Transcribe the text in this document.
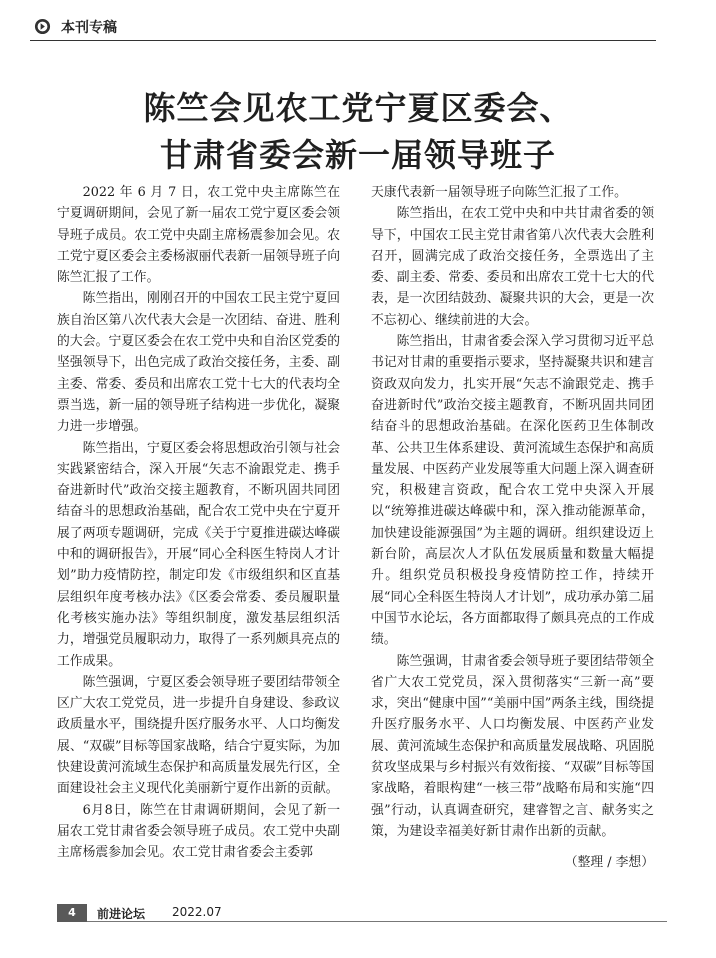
本刊专稿
陈竺会见农工党宁夏区委会、
甘肃省委会新一届领导班子

2022 年 6 月 7 日，农工党中央主席陈竺在宁夏调研期间，会见了新一届农工党宁夏区委会领导班子成员。农工党中央副主席杨震参加会见。农工党宁夏区委会主委杨淑丽代表新一届领导班子向陈竺汇报了工作。

陈竺指出，刚刚召开的中国农工民主党宁夏回族自治区第八次代表大会是一次团结、奋进、胜利的大会。宁夏区委会在农工党中央和自治区党委的坚强领导下，出色完成了政治交接任务，主委、副主委、常委、委员和出席农工党十七大的代表均全票当选，新一届的领导班子结构进一步优化，凝聚力进一步增强。

陈竺指出，宁夏区委会将思想政治引领与社会实践紧密结合，深入开展“矢志不渝跟党走、携手奋进新时代”政治交接主题教育，不断巩固共同团结奋斗的思想政治基础，配合农工党中央在宁夏开展了两项专题调研，完成《关于宁夏推进碳达峰碳中和的调研报告》，开展“同心全科医生特岗人才计划”助力疫情防控，制定印发《市级组织和区直基层组织年度考核办法》《区委会常委、委员履职量化考核实施办法》等组织制度，激发基层组织活力，增强党员履职动力，取得了一系列颇具亮点的工作成果。

陈竺强调，宁夏区委会领导班子要团结带领全区广大农工党党员，进一步提升自身建设、参政议政质量水平，围绕提升医疗服务水平、人口均衡发展、“双碳”目标等国家战略，结合宁夏实际，为加快建设黄河流域生态保护和高质量发展先行区，全面建设社会主义现代化美丽新宁夏作出新的贡献。

6月8日，陈竺在甘肃调研期间，会见了新一届农工党甘肃省委会领导班子成员。农工党中央副主席杨震参加会见。农工党甘肃省委会主委郭

天康代表新一届领导班子向陈竺汇报了工作。

陈竺指出，在农工党中央和中共甘肃省委的领导下，中国农工民主党甘肃省第八次代表大会胜利召开，圆满完成了政治交接任务，全票选出了主委、副主委、常委、委员和出席农工党十七大的代表，是一次团结鼓劲、凝聚共识的大会，更是一次不忘初心、继续前进的大会。

陈竺指出，甘肃省委会深入学习贯彻习近平总书记对甘肃的重要指示要求，坚持凝聚共识和建言资政双向发力，扎实开展“矢志不渝跟党走、携手奋进新时代”政治交接主题教育，不断巩固共同团结奋斗的思想政治基础。在深化医药卫生体制改革、公共卫生体系建设、黄河流域生态保护和高质量发展、中医药产业发展等重大问题上深入调查研究，积极建言资政，配合农工党中央深入开展以“统筹推进碳达峰碳中和，深入推动能源革命，加快建设能源强国”为主题的调研。组织建设迈上新台阶，高层次人才队伍发展质量和数量大幅提升。组织党员积极投身疫情防控工作，持续开展“同心全科医生特岗人才计划”，成功承办第二届中国节水论坛，各方面都取得了颇具亮点的工作成绩。

陈竺强调，甘肃省委会领导班子要团结带领全省广大农工党党员，深入贯彻落实“三新一高”要求，突出“健康中国”“美丽中国”两条主线，围绕提升医疗服务水平、人口均衡发展、中医药产业发展、黄河流域生态保护和高质量发展战略、巩固脱贫攻坚成果与乡村振兴有效衔接、“双碳”目标等国家战略，着眼构建“一核三带”战略布局和实施“四强”行动，认真调查研究，建睿智之言、献务实之策，为建设幸福美好新甘肃作出新的贡献。

（整理 / 李想）

4	前进论坛 2022.07
